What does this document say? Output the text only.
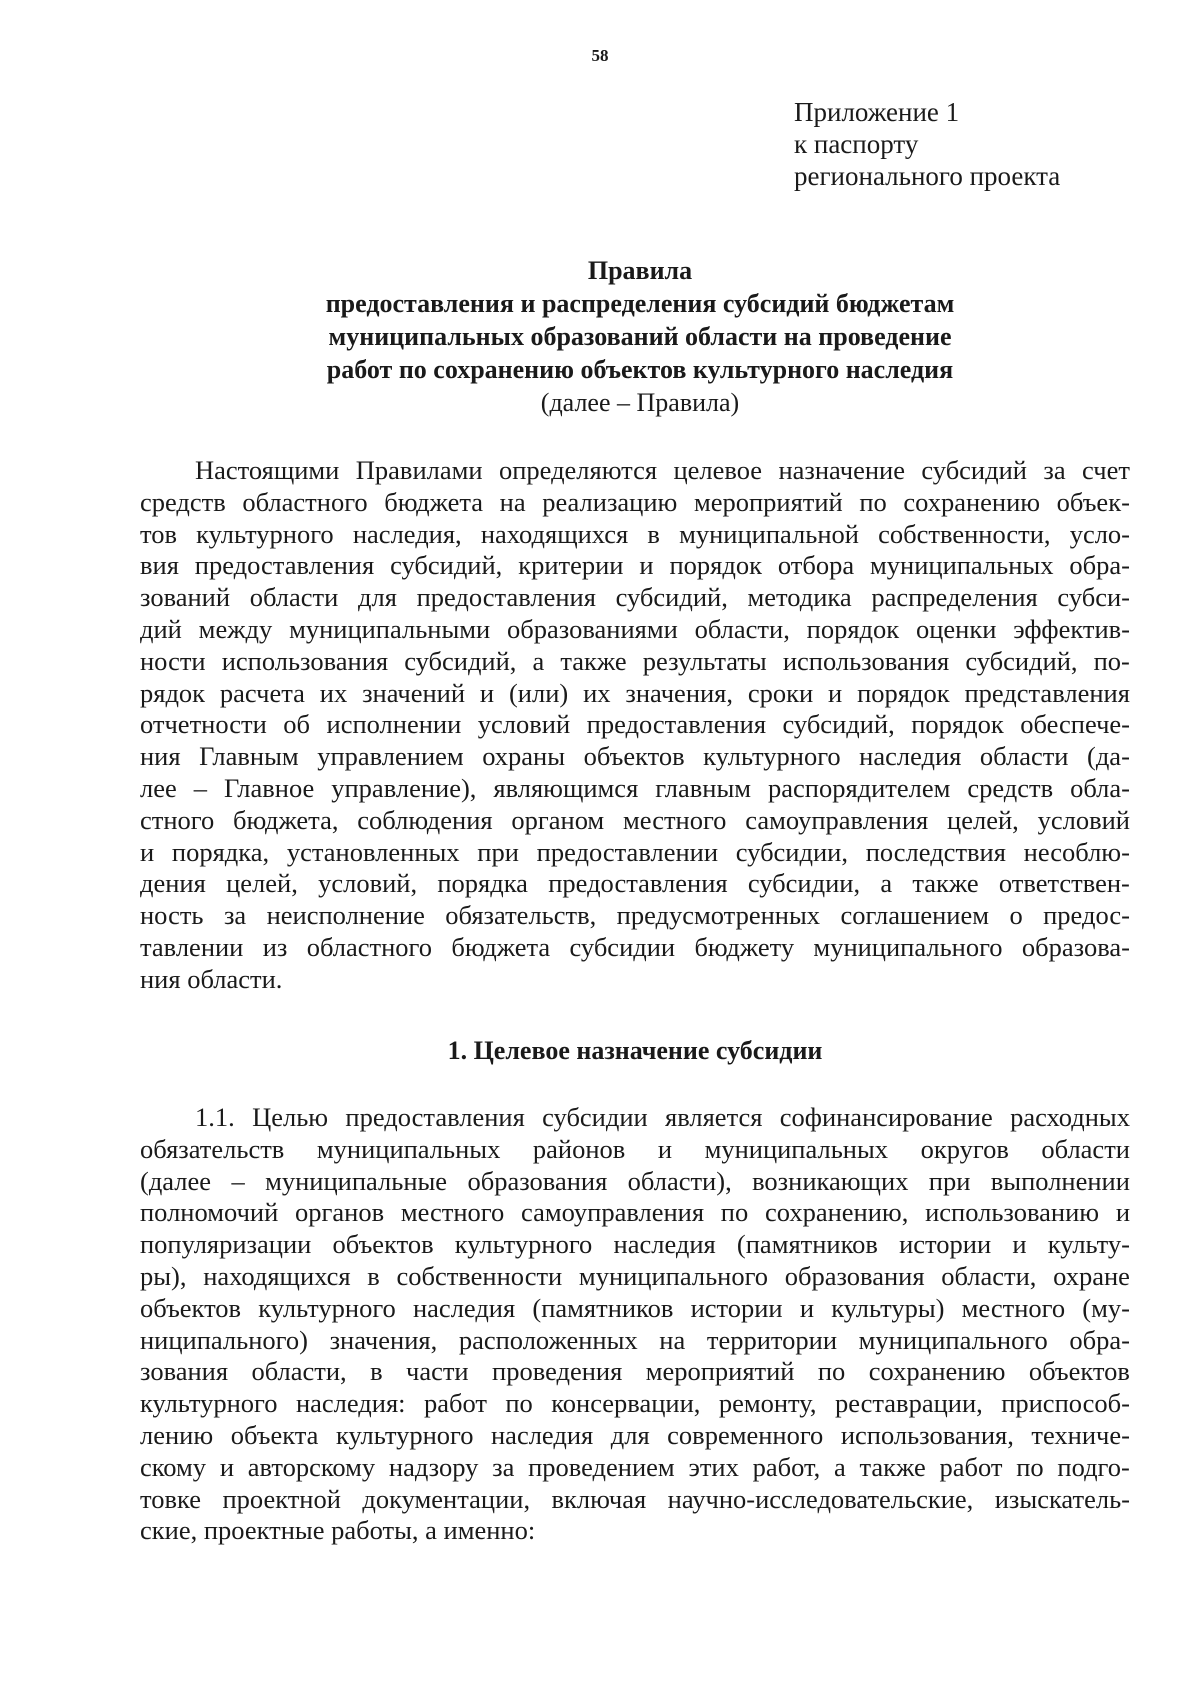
58
Приложение 1
к паспорту
регионального проекта
Правила
предоставления и распределения субсидий бюджетам
муниципальных образований области на проведение
работ по сохранению объектов культурного наследия
(далее – Правила)
Настоящими Правилами определяются целевое назначение субсидий за счет
средств областного бюджета на реализацию мероприятий по сохранению объек-
тов культурного наследия, находящихся в муниципальной собственности, усло-
вия предоставления субсидий, критерии и порядок отбора муниципальных обра-
зований области для предоставления субсидий, методика распределения субси-
дий между муниципальными образованиями области, порядок оценки эффектив-
ности использования субсидий, а также результаты использования субсидий, по-
рядок расчета их значений и (или) их значения, сроки и порядок представления
отчетности об исполнении условий предоставления субсидий, порядок обеспече-
ния Главным управлением охраны объектов культурного наследия области (да-
лее – Главное управление), являющимся главным распорядителем средств обла-
стного бюджета, соблюдения органом местного самоуправления целей, условий
и порядка, установленных при предоставлении субсидии, последствия несоблю-
дения целей, условий, порядка предоставления субсидии, а также ответствен-
ность за неисполнение обязательств, предусмотренных соглашением о предос-
тавлении из областного бюджета субсидии бюджету муниципального образова-
ния области.
1. Целевое назначение субсидии
1.1. Целью предоставления субсидии является софинансирование расходных
обязательств муниципальных районов и муниципальных округов области
(далее – муниципальные образования области), возникающих при выполнении
полномочий органов местного самоуправления по сохранению, использованию и
популяризации объектов культурного наследия (памятников истории и культу-
ры), находящихся в собственности муниципального образования области, охране
объектов культурного наследия (памятников истории и культуры) местного (му-
ниципального) значения, расположенных на территории муниципального обра-
зования области, в части проведения мероприятий по сохранению объектов
культурного наследия: работ по консервации, ремонту, реставрации, приспособ-
лению объекта культурного наследия для современного использования, техниче-
скому и авторскому надзору за проведением этих работ, а также работ по подго-
товке проектной документации, включая научно-исследовательские, изыскатель-
ские, проектные работы, а именно:
